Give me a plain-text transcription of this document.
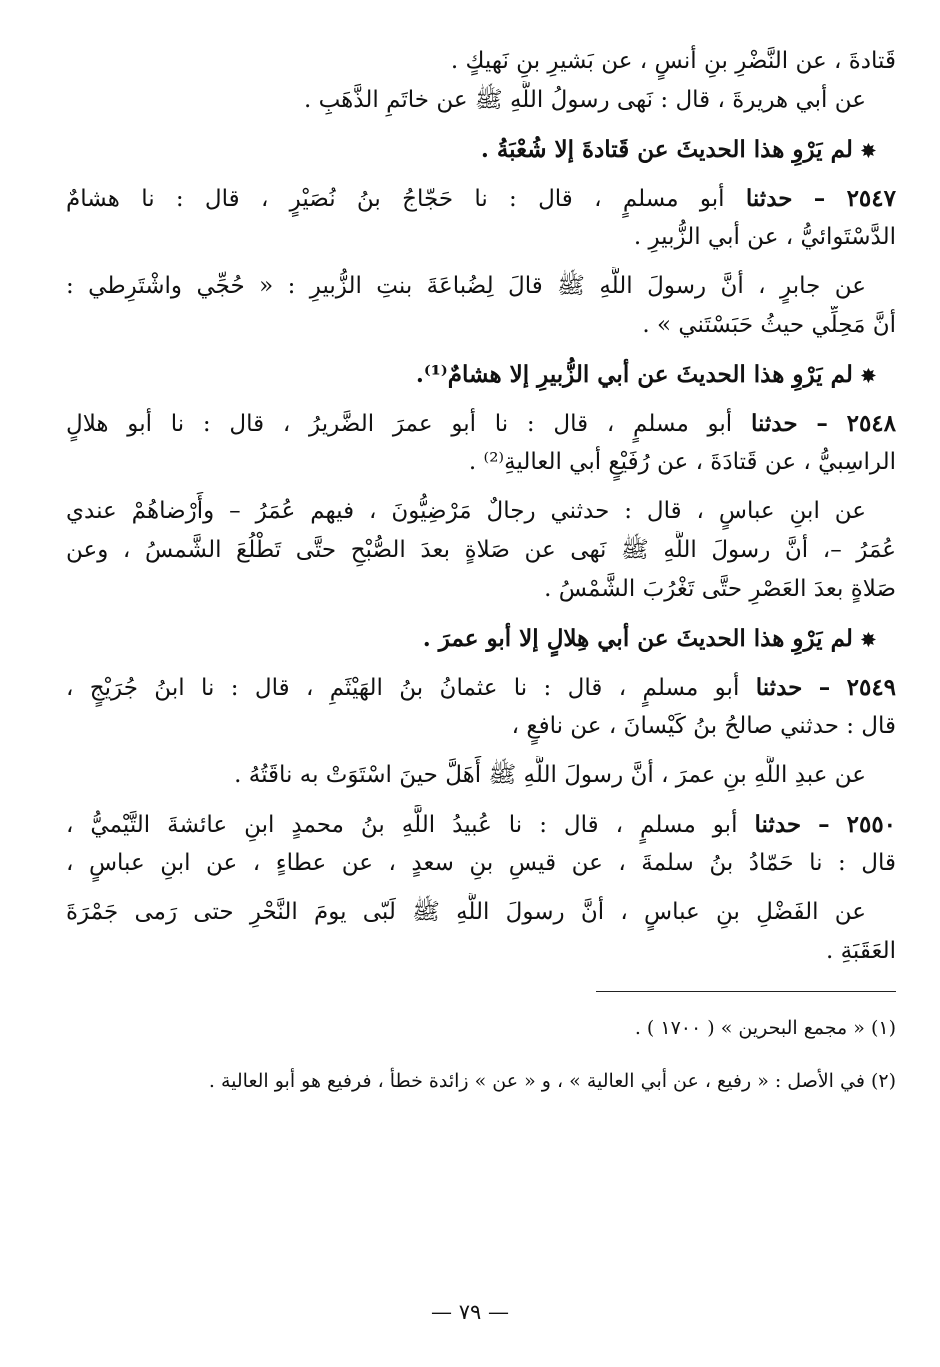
قَتادةَ ، عن النَّضْرِ بنِ أنسٍ ، عن بَشيرِ بنِ نَهيكٍ .

عن أبي هريرةَ ، قال : نَهى رسولُ اللَّهِ ﷺ عن خاتَمِ الذَّهَبِ .

✸لم يَرْوِ هذا الحديثَ عن قَتادةَ إلا شُعْبَةُ .

٢٥٤٧ – حدثنا أبو مسلمٍ ، قال : نا حَجّاجُ بنُ نُصَيْرٍ ، قال : نا هشامٌ

الدَّسْتَوائيُّ ، عن أبي الزُّبيرِ .

عن جابرٍ ، أنَّ رسولَ اللَّهِ ﷺ قالَ لِضُباعَةَ بنتِ الزُّبيرِ : « حُجِّي واشْتَرِطي :

أنَّ مَحِلِّي حيثُ حَبَسْتَني » .

✸لم يَرْوِ هذا الحديثَ عن أبي الزُّبيرِ إلا هشامٌ⁽¹⁾.

٢٥٤٨ – حدثنا أبو مسلمٍ ، قال : نا أبو عمرَ الضَّريرُ ، قال : نا أبو هلالٍ

الراسِبيُّ ، عن قَتادَةَ ، عن رُفَيْعٍ أبي العاليةِ⁽²⁾ .

عن ابنِ عباسٍ ، قال : حدثني رجالٌ مَرْضِيُّونَ ، فيهم عُمَرُ – وأَرْضاهُمْ عندي

عُمَرُ –، أنَّ رسولَ اللَّهِ ﷺ نَهى عن صَلاةٍ بعدَ الصُّبْحِ حتَّى تَطْلُعَ الشَّمسُ ، وعن

صَلاةٍ بعدَ العَصْرِ حتَّى تَغْرُبَ الشَّمْسُ .

✸لم يَرْوِ هذا الحديثَ عن أبي هِلالٍ إلا أبو عمرَ .

٢٥٤٩ – حدثنا أبو مسلمٍ ، قال : نا عثمانُ بنُ الهَيْثَمِ ، قال : نا ابنُ جُرَيْجٍ ،

قال : حدثني صالحُ بنُ كَيْسانَ ، عن نافعٍ ،

عن عبدِ اللَّهِ بنِ عمرَ ، أنَّ رسولَ اللَّهِ ﷺ أَهَلَّ حينَ اسْتَوَتْ به ناقَتُهُ .

٢٥٥٠ – حدثنا أبو مسلمٍ ، قال : نا عُبيدُ اللَّهِ بنُ محمدٍ ابنِ عائشةَ التَّيْميُّ ،

قال : نا حَمّادُ بنُ سلمةَ ، عن قيسِ بنِ سعدٍ ، عن عطاءٍ ، عن ابنِ عباسٍ ،

عن الفَضْلِ بنِ عباسٍ ، أنَّ رسولَ اللَّهِ ﷺ لَبّى يومَ النَّحْرِ حتى رَمى جَمْرَةَ

العَقَبَةِ .

(١) « مجمع البحرين » ( ١٧٠٠ ) .

(٢) في الأصل : « رفيع ، عن أبي العالية » ، و « عن » زائدة خطأ ، فرفيع هو أبو العالية .

— ٧٩ —
